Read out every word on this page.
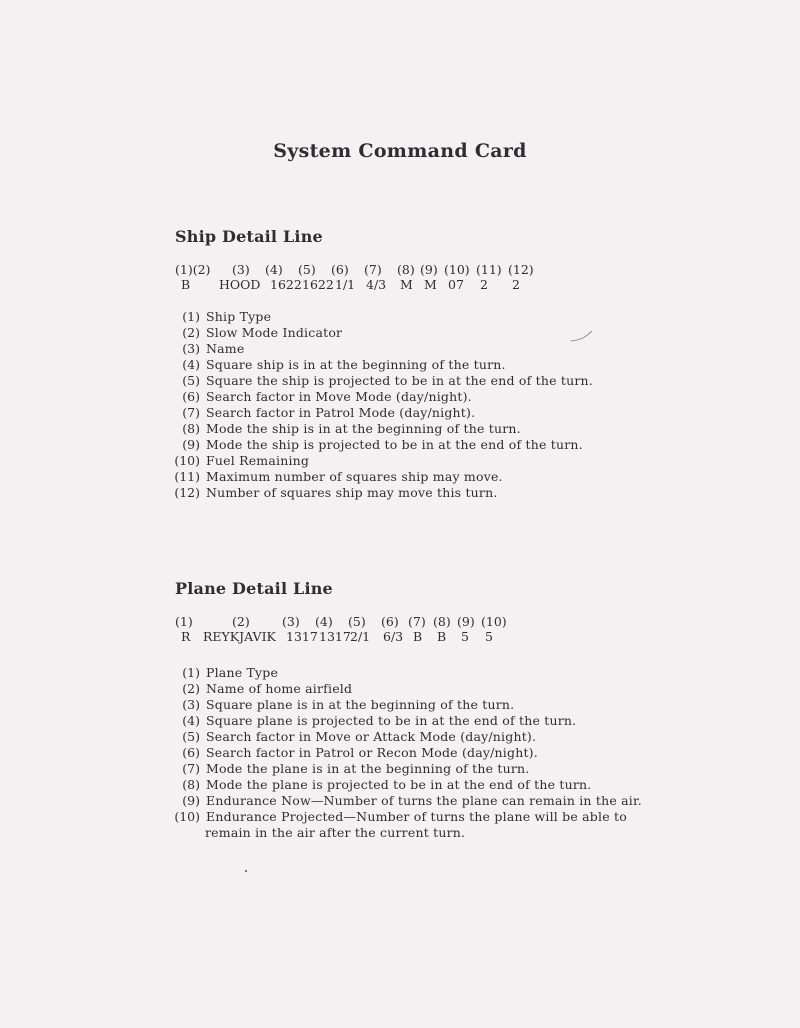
System Command Card
Ship Detail Line
(1)(2) (3) (4) (5) (6) (7) (8) (9) (10) (11) (12)
B HOOD 1622 1622 1/1 4/3 M M 07 2 2
(1) Ship Type
(2) Slow Mode Indicator
(3) Name
(4) Square ship is in at the beginning of the turn.
(5) Square the ship is projected to be in at the end of the turn.
(6) Search factor in Move Mode (day/night).
(7) Search factor in Patrol Mode (day/night).
(8) Mode the ship is in at the beginning of the turn.
(9) Mode the ship is projected to be in at the end of the turn.
(10) Fuel Remaining
(11) Maximum number of squares ship may move.
(12) Number of squares ship may move this turn.
Plane Detail Line
(1)	(2)	(3) (4) (5) (6) (7) (8) (9) (10)
R REYKJAVIK 1317 1317 2/1 6/3 B B 5 5
(1) Plane Type
(2) Name of home airfield
(3) Square plane is in at the beginning of the turn.
(4) Square plane is projected to be in at the end of the turn.
(5) Search factor in Move or Attack Mode (day/night).
(6) Search factor in Patrol or Recon Mode (day/night).
(7) Mode the plane is in at the beginning of the turn.
(8) Mode the plane is projected to be in at the end of the turn.
(9) Endurance Now—Number of turns the plane can remain in the air.
(10) Endurance Projected—Number of turns the plane will be able to
remain in the air after the current turn.
